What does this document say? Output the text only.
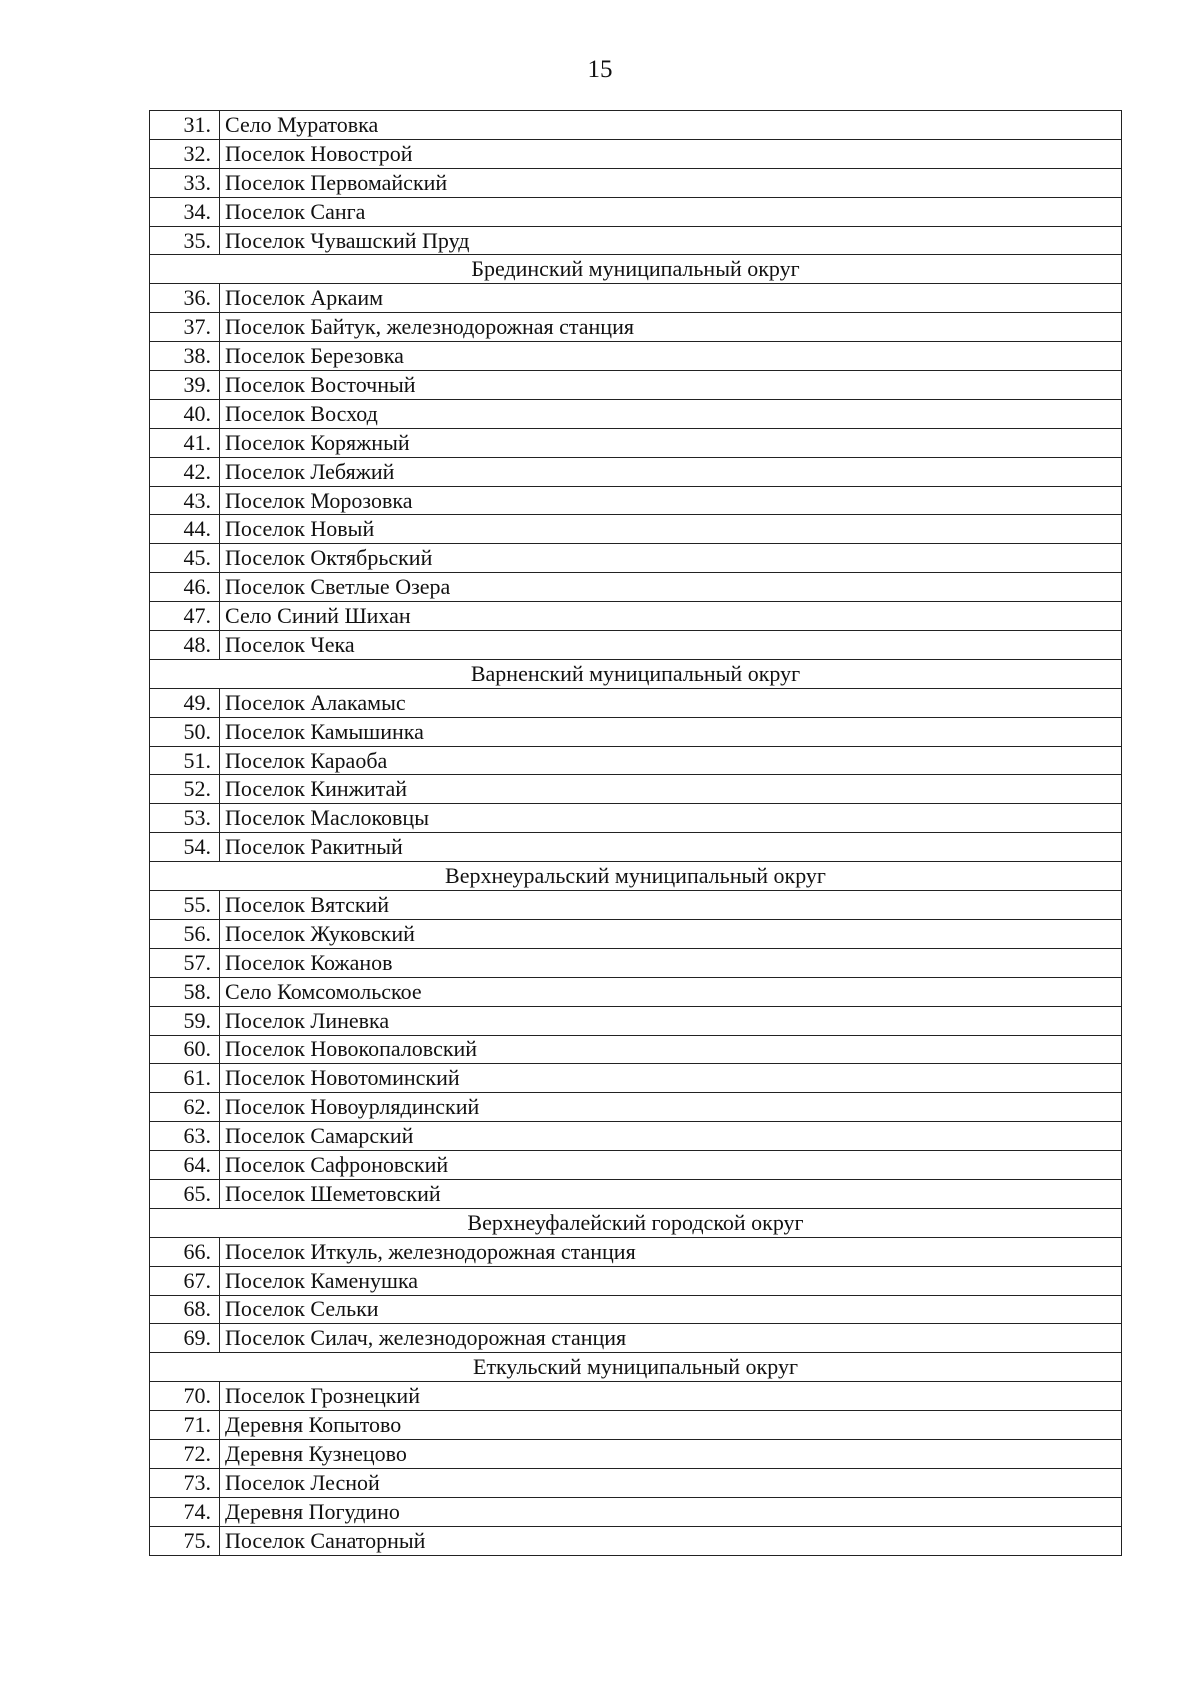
15
31.	Село Муратовка
32.	Поселок Новострой
33.	Поселок Первомайский
34.	Поселок Санга
35.	Поселок Чувашский Пруд
Брединский муниципальный округ	
36.	Поселок Аркаим
37.	Поселок Байтук, железнодорожная станция
38.	Поселок Березовка
39.	Поселок Восточный
40.	Поселок Восход
41.	Поселок Коряжный
42.	Поселок Лебяжий
43.	Поселок Морозовка
44.	Поселок Новый
45.	Поселок Октябрьский
46.	Поселок Светлые Озера
47.	Село Синий Шихан
48.	Поселок Чека
Варненский муниципальный округ	
49.	Поселок Алакамыс
50.	Поселок Камышинка
51.	Поселок Караоба
52.	Поселок Кинжитай
53.	Поселок Маслоковцы
54.	Поселок Ракитный
Верхнеуральский муниципальный округ	
55.	Поселок Вятский
56.	Поселок Жуковский
57.	Поселок Кожанов
58.	Село Комсомольское
59.	Поселок Линевка
60.	Поселок Новокопаловский
61.	Поселок Новотоминский
62.	Поселок Новоурлядинский
63.	Поселок Самарский
64.	Поселок Сафроновский
65.	Поселок Шеметовский
Верхнеуфалейский городской округ	
66.	Поселок Иткуль, железнодорожная станция
67.	Поселок Каменушка
68.	Поселок Сельки
69.	Поселок Силач, железнодорожная станция
Еткульский муниципальный округ	
70.	Поселок Грознецкий
71.	Деревня Копытово
72.	Деревня Кузнецово
73.	Поселок Лесной
74.	Деревня Погудино
75.	Поселок Санаторный
